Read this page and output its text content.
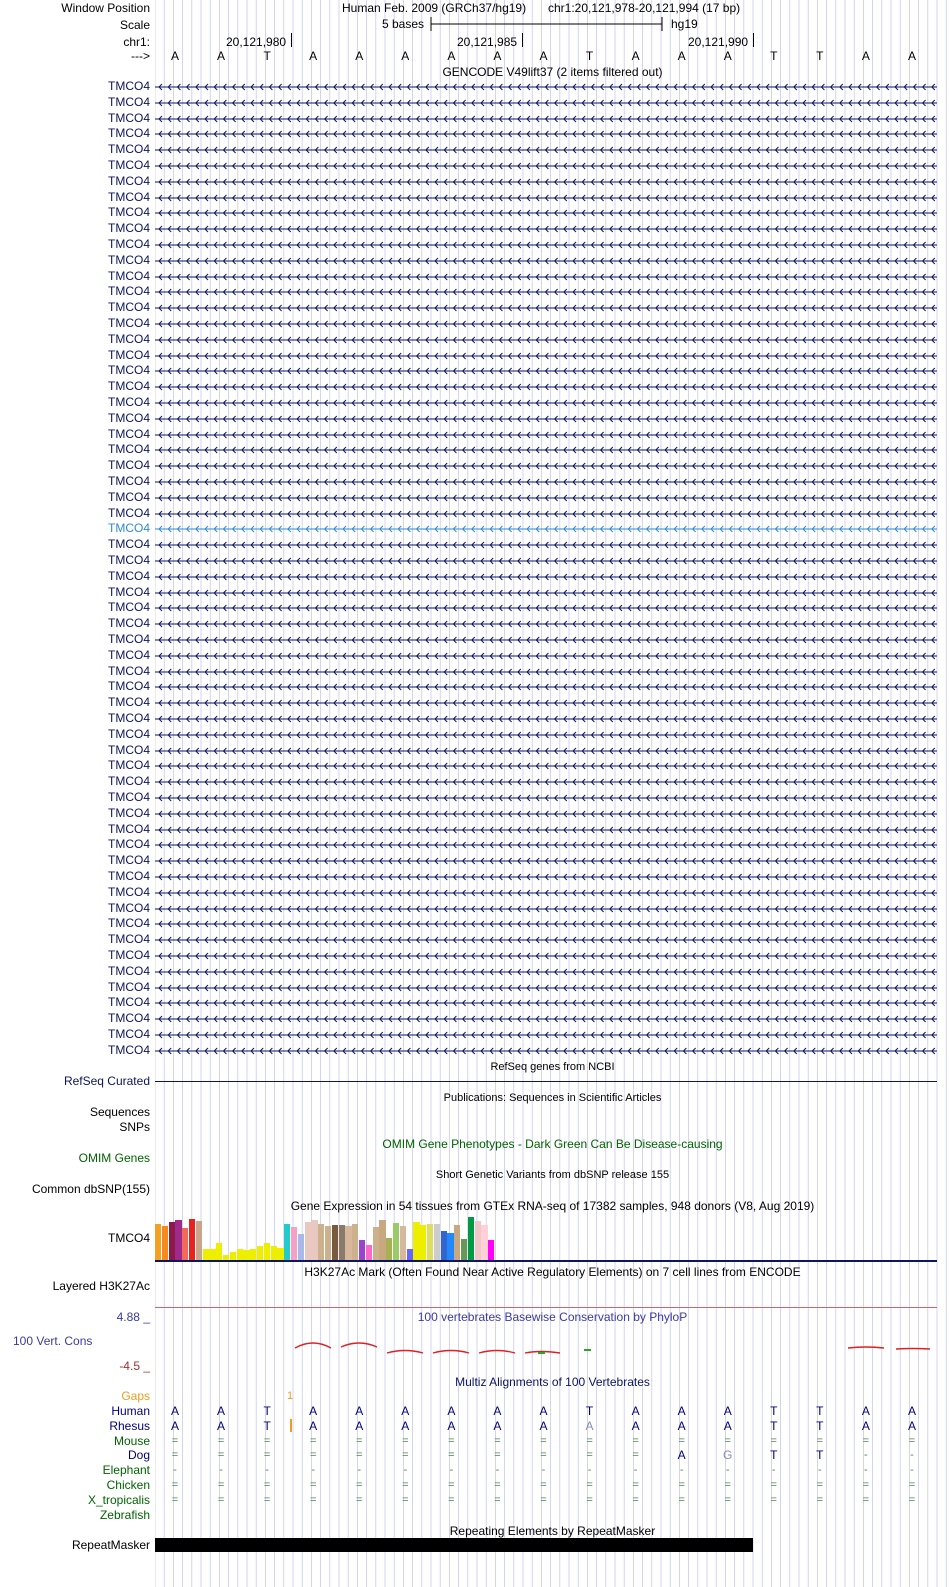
Window Position	Human Feb. 2009 (GRCh37/hg19) chr1:20,121,978-20,121,994 (17 bp)
Scale	5 bases	hg19
chr1:	20,121,980	20,121,985	20,121,990
--->	A	A	T	A	A	A	A	A	A	T	A	A	A	T	T	A	A
GENCODE V49lift37 (2 items filtered out)
TMCO4
TMCO4
TMCO4
TMCO4
TMCO4
TMCO4
TMCO4
TMCO4
TMCO4
TMCO4
TMCO4
TMCO4
TMCO4
TMCO4
TMCO4
TMCO4
TMCO4
TMCO4
TMCO4
TMCO4
TMCO4
TMCO4
TMCO4
TMCO4
TMCO4
TMCO4
TMCO4
TMCO4
TMCO4
TMCO4
TMCO4
TMCO4
TMCO4
TMCO4
TMCO4
TMCO4
TMCO4
TMCO4
TMCO4
TMCO4
TMCO4
TMCO4
TMCO4
TMCO4
TMCO4
TMCO4
TMCO4
TMCO4
TMCO4
TMCO4
TMCO4
TMCO4
TMCO4
TMCO4
TMCO4
TMCO4
TMCO4
TMCO4
TMCO4
TMCO4
TMCO4
TMCO4
RefSeq genes from NCBI
RefSeq Curated
Publications: Sequences in Scientific Articles
Sequences
SNPs
OMIM Gene Phenotypes - Dark Green Can Be Disease-causing
OMIM Genes
Short Genetic Variants from dbSNP release 155
Common dbSNP(155)
Gene Expression in 54 tissues from GTEx RNA-seq of 17382 samples, 948 donors (V8, Aug 2019)
TMCO4
H3K27Ac Mark (Often Found Near Active Regulatory Elements) on 7 cell lines from ENCODE
Layered H3K27Ac
100 vertebrates Basewise Conservation by PhyloP
4.88 _
100 Vert. Cons
-4.5 _
Multiz Alignments of 100 Vertebrates
Gaps	1
Human	A	A	T	A	A	A	A	A	A	T	A	A	A	T	T	A	A
Rhesus	A	A	T	A	A	A	A	A	A	A	A	A	A	T	T	A	A
Mouse	=	=	=	=	=	=	=	=	=	=	=	=	=	=	=	=	=
Dog	=	=	=	=	=	=	=	=	=	=	=	A	G	T	T	-	-
Elephant	-	-	-	-	-	-	-	-	-	-	-	-	-	-	-	-	-
Chicken	=	=	=	=	=	=	=	=	=	=	=	=	=	=	=	=	=
X_tropicalis	=	=	=	=	=	=	=	=	=	=	=	=	=	=	=	=	=
Zebrafish
Repeating Elements by RepeatMasker
RepeatMasker
